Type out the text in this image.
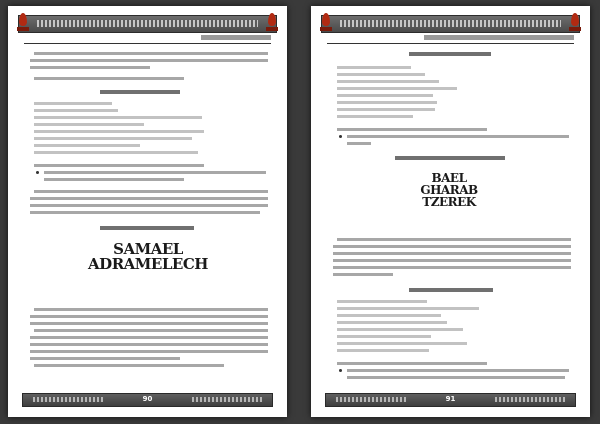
SAMAEL
ADRAMELECH
90
BAEL
GHARAB
TZEREK
91
